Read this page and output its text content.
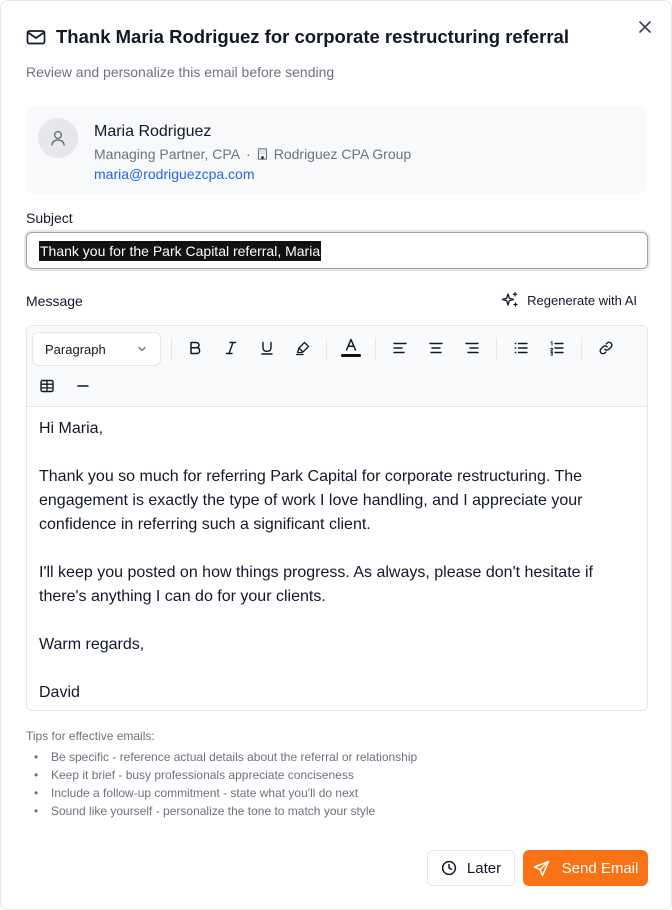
Thank Maria Rodriguez for corporate restructuring referral
Review and personalize this email before sending
Maria Rodriguez
Managing Partner, CPA · Rodriguez CPA Group
maria@rodriguezcpa.com
Subject
Thank you for the Park Capital referral, Maria
Message	Regenerate with AI
Paragraph

Hi Maria,

Thank you so much for referring Park Capital for corporate restructuring. The engagement is exactly the type of work I love handling, and I appreciate your confidence in referring such a significant client.

I'll keep you posted on how things progress. As always, please don't hesitate if there's anything I can do for your clients.

Warm regards,

David

Tips for effective emails:
• Be specific - reference actual details about the referral or relationship
• Keep it brief - busy professionals appreciate conciseness
• Include a follow-up commitment - state what you'll do next
• Sound like yourself - personalize the tone to match your style
Later	Send Email
